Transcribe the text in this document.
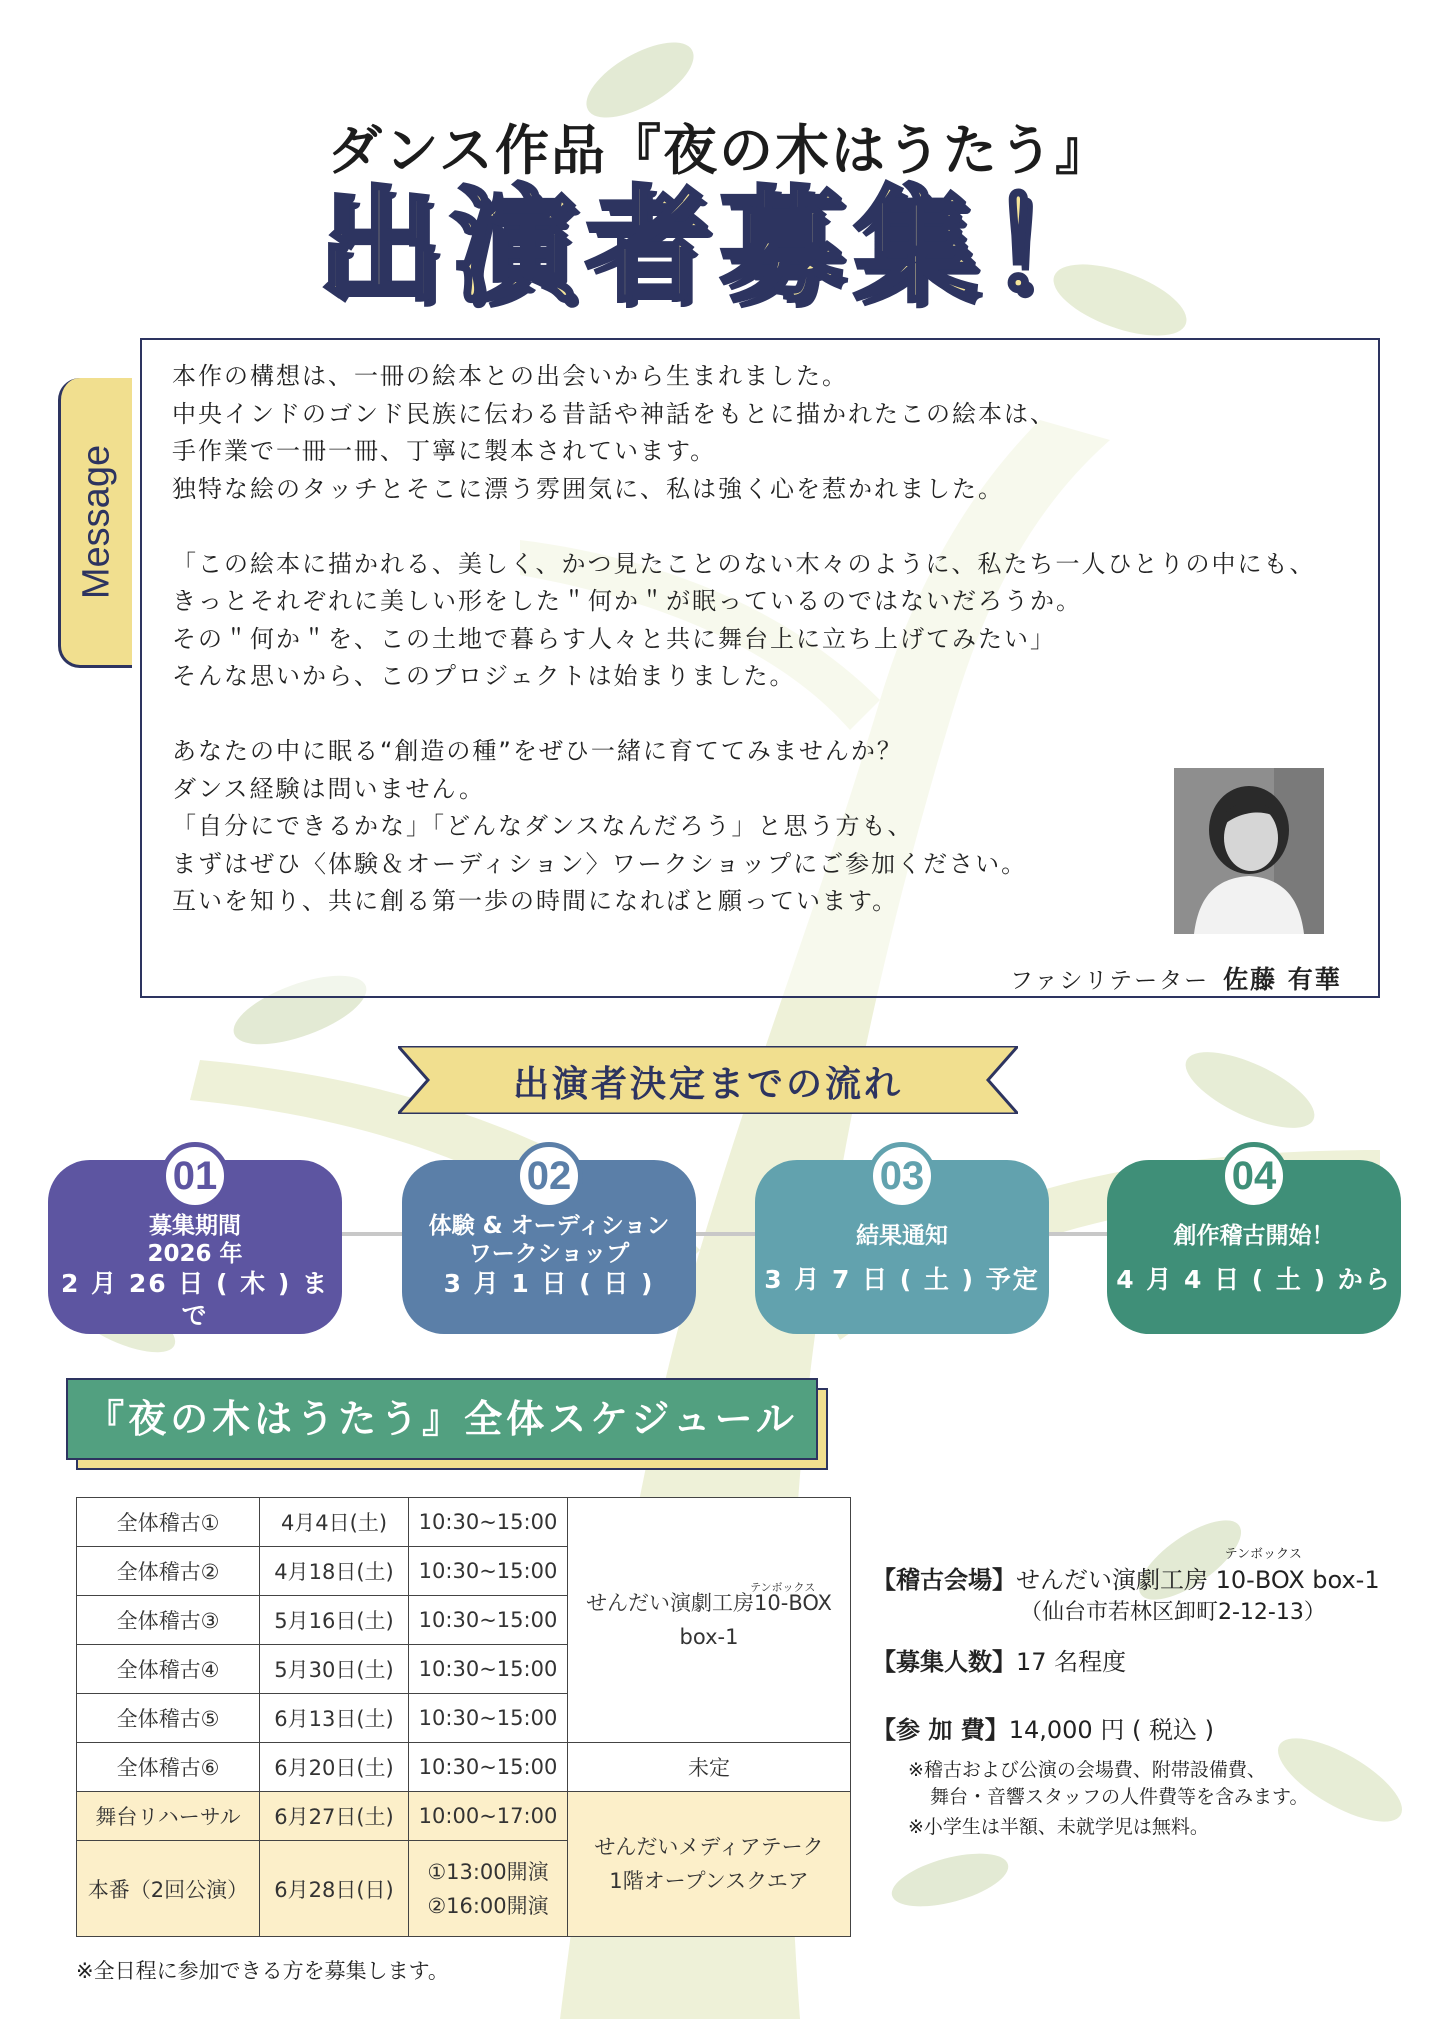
ダンス作品『夜の木はうたう』
出演者募集！
Message

本作の構想は、一冊の絵本との出会いから生まれました。

中央インドのゴンド民族に伝わる昔話や神話をもとに描かれたこの絵本は、

手作業で一冊一冊、丁寧に製本されています。

独特な絵のタッチとそこに漂う雰囲気に、私は強く心を惹かれました。

「この絵本に描かれる、美しく、かつ見たことのない木々のように、私たち一人ひとりの中にも、

きっとそれぞれに美しい形をした＂何か＂が眠っているのではないだろうか。

その＂何か＂を、この土地で暮らす人々と共に舞台上に立ち上げてみたい」

そんな思いから、このプロジェクトは始まりました。

あなたの中に眠る“創造の種”をぜひ一緒に育ててみませんか？

ダンス経験は問いません。

「自分にできるかな」「どんなダンスなんだろう」と思う方も、

まずはぜひ〈体験＆オーディション〉ワークショップにご参加ください。

互いを知り、共に創る第一歩の時間になればと願っています。

ファシリテーター 佐藤 有華
出演者決定までの流れ
01
募集期間
2026 年
2 月 26 日 ( 木 ) まで
02
体験 & オーディション
ワークショップ
3 月 1 日 ( 日 )
03
結果通知
3 月 7 日 ( 土 ) 予定
04
創作稽古開始！
4 月 4 日 ( 土 ) から
『夜の木はうたう』全体スケジュール
全体稽古①	4月4日(土)	10:30~15:00	せんだい演劇工房10-BOX
テンボックス

box-1
全体稽古②	4月18日(土)	10:30~15:00	
全体稽古③	5月16日(土)	10:30~15:00	
全体稽古④	5月30日(土)	10:30~15:00	
全体稽古⑤	6月13日(土)	10:30~15:00	
全体稽古⑥	6月20日(土)	10:30~15:00	未定
舞台リハーサル	6月27日(土)	10:00~17:00	せんだいメディアテーク
1階オープンスクエア
本番（2回公演）	6月28日(日)	①13:00開演
②16:00開演	
※全日程に参加できる方を募集します。
【稽古会場】せんだい演劇工房 10-BOX box-1
テンボックス
（仙台市若林区卸町2-12-13）
【募集人数】17 名程度
【参 加 費】14,000 円 ( 税込 )
※稽古および公演の会場費、附帯設備費、
舞台・音響スタッフの人件費等を含みます。
※小学生は半額、未就学児は無料。
